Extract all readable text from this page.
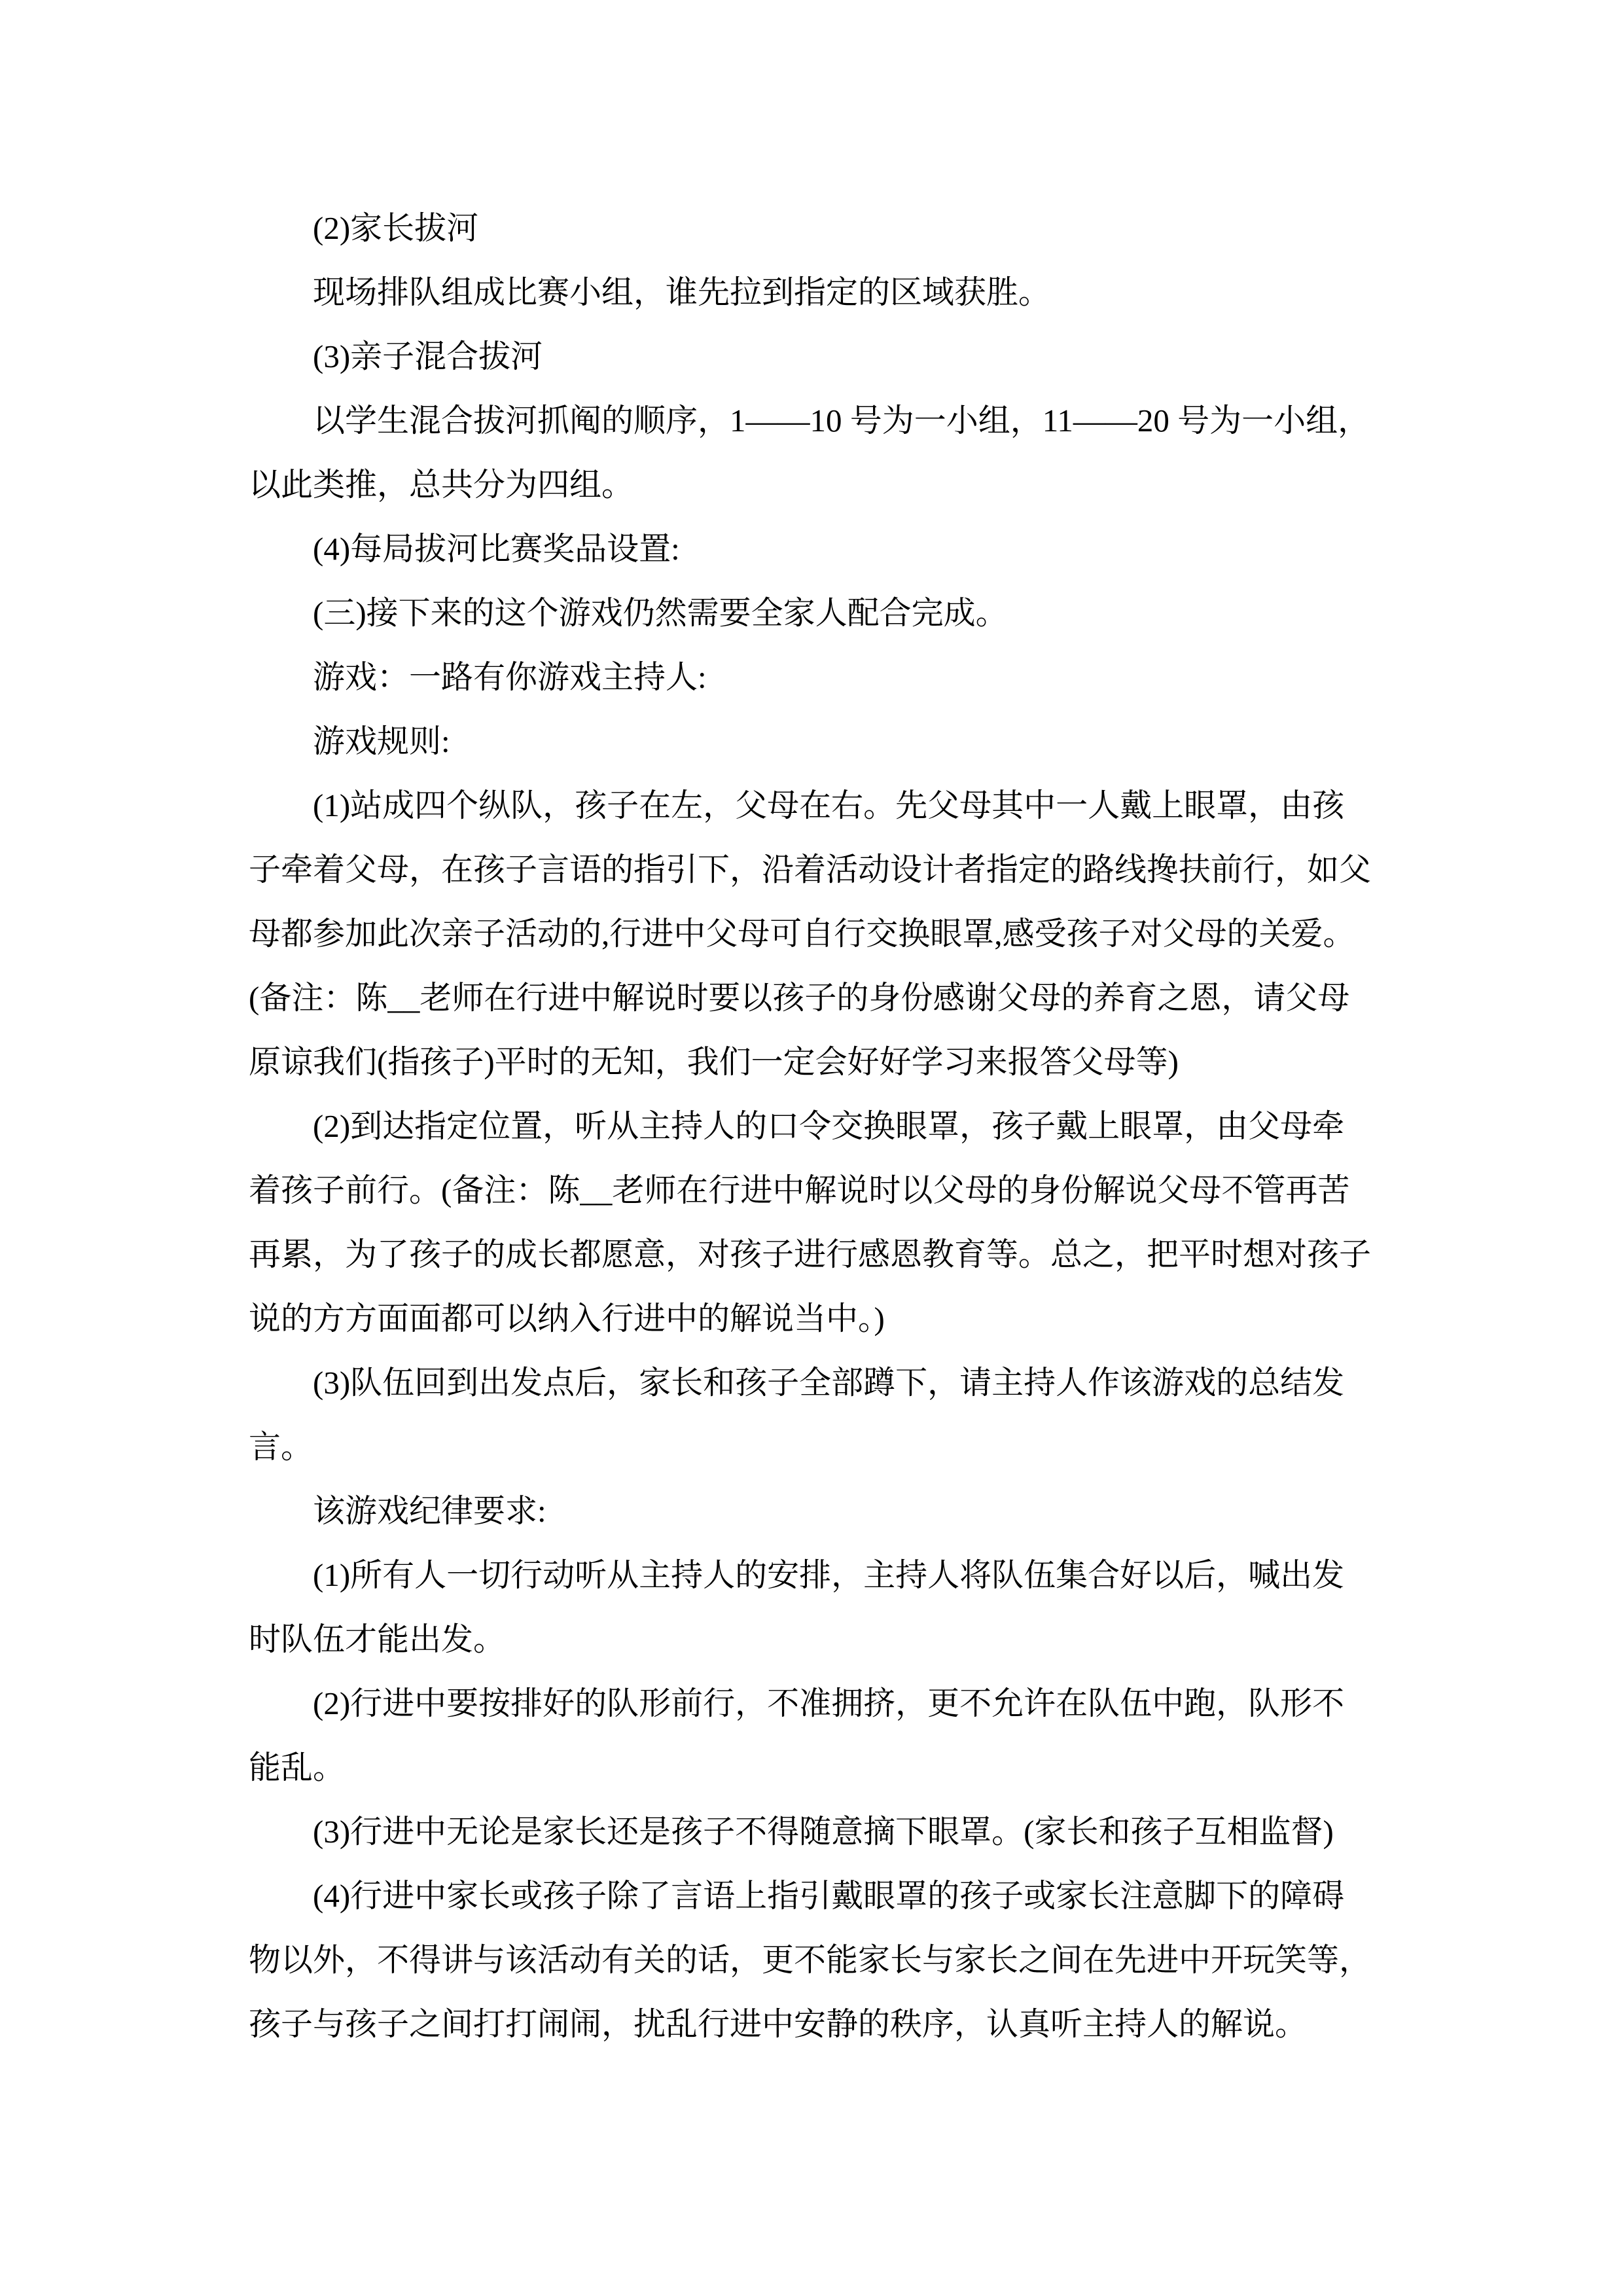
(2)家长拔河
现场排队组成比赛小组，谁先拉到指定的区域获胜。
(3)亲子混合拔河
以学生混合拔河抓阄的顺序，1——10 号为一小组，11——20 号为一小组，
以此类推，总共分为四组。
(4)每局拔河比赛奖品设置:
(三)接下来的这个游戏仍然需要全家人配合完成。
游戏：一路有你游戏主持人:
游戏规则:
(1)站成四个纵队，孩子在左，父母在右。先父母其中一人戴上眼罩，由孩
子牵着父母，在孩子言语的指引下，沿着活动设计者指定的路线搀扶前行，如父
母都参加此次亲子活动的,行进中父母可自行交换眼罩,感受孩子对父母的关爱。
(备注：陈__老师在行进中解说时要以孩子的身份感谢父母的养育之恩，请父母
原谅我们(指孩子)平时的无知，我们一定会好好学习来报答父母等)
(2)到达指定位置，听从主持人的口令交换眼罩，孩子戴上眼罩，由父母牵
着孩子前行。(备注：陈__老师在行进中解说时以父母的身份解说父母不管再苦
再累，为了孩子的成长都愿意，对孩子进行感恩教育等。总之，把平时想对孩子
说的方方面面都可以纳入行进中的解说当中。)
(3)队伍回到出发点后，家长和孩子全部蹲下，请主持人作该游戏的总结发
言。
该游戏纪律要求:
(1)所有人一切行动听从主持人的安排，主持人将队伍集合好以后，喊出发
时队伍才能出发。
(2)行进中要按排好的队形前行，不准拥挤，更不允许在队伍中跑，队形不
能乱。
(3)行进中无论是家长还是孩子不得随意摘下眼罩。(家长和孩子互相监督)
(4)行进中家长或孩子除了言语上指引戴眼罩的孩子或家长注意脚下的障碍
物以外，不得讲与该活动有关的话，更不能家长与家长之间在先进中开玩笑等，
孩子与孩子之间打打闹闹，扰乱行进中安静的秩序，认真听主持人的解说。
